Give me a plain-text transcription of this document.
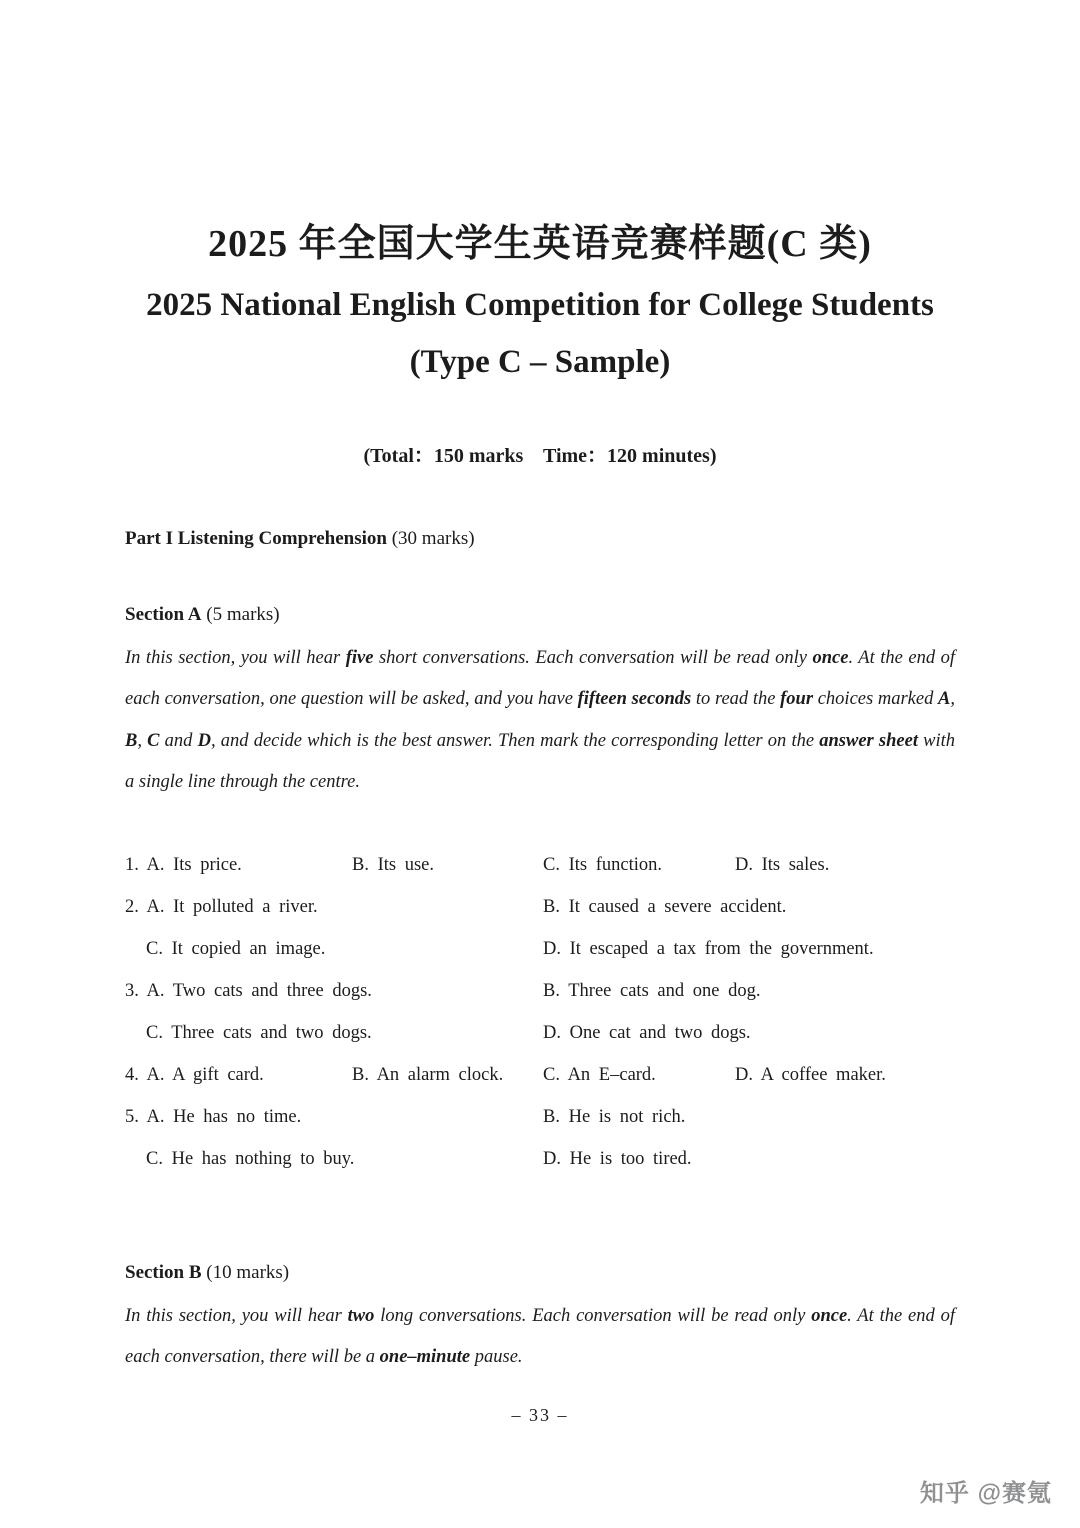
2025 年全国大学生英语竞赛样题(C 类)
2025 National English Competition for College Students
(Type C – Sample)
(Total：150 marks    Time：120 minutes)
Part I Listening Comprehension (30 marks)
Section A (5 marks)

In this section, you will hear five short conversations. Each conversation will be read only once. At the end of each conversation, one question will be asked, and you have fifteen seconds to read the four choices marked A, B, C and D, and decide which is the best answer. Then mark the corresponding letter on the answer sheet with a single line through the centre.

1. A. Its price.	B. Its use.	C. Its function.	D. Its sales.
2. A. It polluted a river.	B. It caused a severe accident.
C. It copied an image.	D. It escaped a tax from the government.
3. A. Two cats and three dogs.	B. Three cats and one dog.
C. Three cats and two dogs.	D. One cat and two dogs.
4. A. A gift card.	B. An alarm clock.	C. An E–card.	D. A coffee maker.
5. A. He has no time.	B. He is not rich.
C. He has nothing to buy.	D. He is too tired.
Section B (10 marks)

In this section, you will hear two long conversations. Each conversation will be read only once. At the end of each conversation, there will be a one–minute pause.

– 33 –
知乎 @赛氪
